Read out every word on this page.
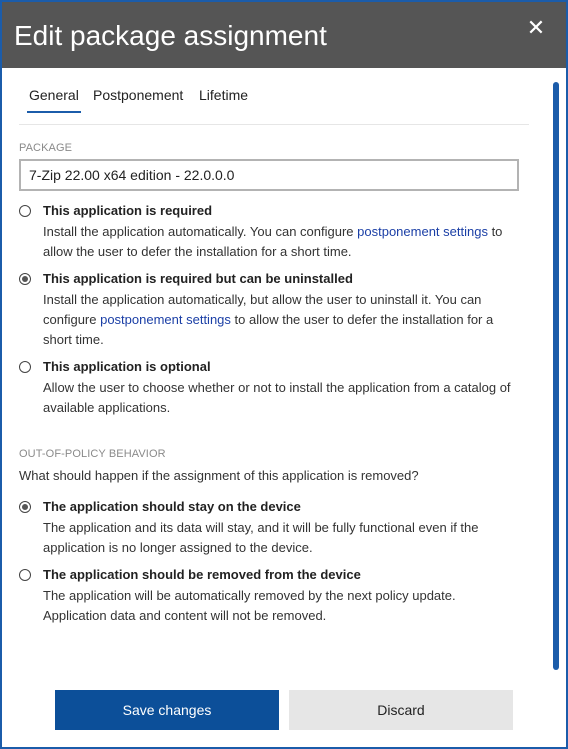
Edit package assignment	✕
General Postponement Lifetime
PACKAGE
7-Zip 22.00 x64 edition - 22.0.0.0
This application is required
Install the application automatically. You can configure postponement settings to allow the user to defer the installation for a short time.
This application is required but can be uninstalled
Install the application automatically, but allow the user to uninstall it. You can configure postponement settings to allow the user to defer the installation for a short time.
This application is optional
Allow the user to choose whether or not to install the application from a catalog of available applications.
OUT-OF-POLICY BEHAVIOR
What should happen if the assignment of this application is removed?
The application should stay on the device
The application and its data will stay, and it will be fully functional even if the application is no longer assigned to the device.
The application should be removed from the device
The application will be automatically removed by the next policy update. Application data and content will not be removed.
Save changes	Discard
